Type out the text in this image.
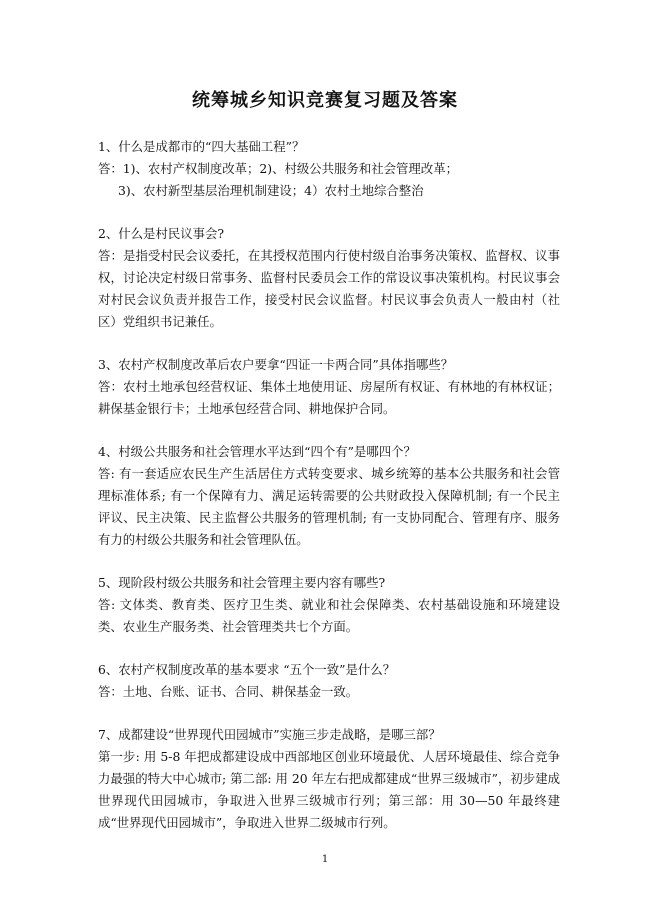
统筹城乡知识竞赛复习题及答案

1、什么是成都市的“四大基础工程”？

答：1)、农村产权制度改革；2)、村级公共服务和社会管理改革；

3)、农村新型基层治理机制建设；4）农村土地综合整治

2、什么是村民议事会?

答：是指受村民会议委托，在其授权范围内行使村级自治事务决策权、监督权、议事权，讨论决定村级日常事务、监督村民委员会工作的常设议事决策机构。村民议事会对村民会议负责并报告工作，接受村民会议监督。村民议事会负责人一般由村（社区）党组织书记兼任。

3、农村产权制度改革后农户要拿“四证一卡两合同”具体指哪些？

答：农村土地承包经营权证、集体土地使用证、房屋所有权证、有林地的有林权证；耕保基金银行卡；土地承包经营合同、耕地保护合同。

4、村级公共服务和社会管理水平达到“四个有”是哪四个？

答: 有一套适应农民生产生活居住方式转变要求、城乡统筹的基本公共服务和社会管理标准体系; 有一个保障有力、满足运转需要的公共财政投入保障机制; 有一个民主评议、民主决策、民主监督公共服务的管理机制; 有一支协同配合、管理有序、服务有力的村级公共服务和社会管理队伍。

5、现阶段村级公共服务和社会管理主要内容有哪些?

答: 文体类、教育类、医疗卫生类、就业和社会保障类、农村基础设施和环境建设类、农业生产服务类、社会管理类共七个方面。

6、农村产权制度改革的基本要求 “五个一致”是什么？

答：土地、台账、证书、合同、耕保基金一致。

7、成都建设“世界现代田园城市”实施三步走战略，是哪三部？

第一步: 用 5-8 年把成都建设成中西部地区创业环境最优、人居环境最佳、综合竞争力最强的特大中心城市; 第二部: 用 20 年左右把成都建成“世界三级城市”，初步建成世界现代田园城市，争取进入世界三级城市行列；第三部：用 30—50 年最终建成“世界现代田园城市”，争取进入世界二级城市行列。

1
